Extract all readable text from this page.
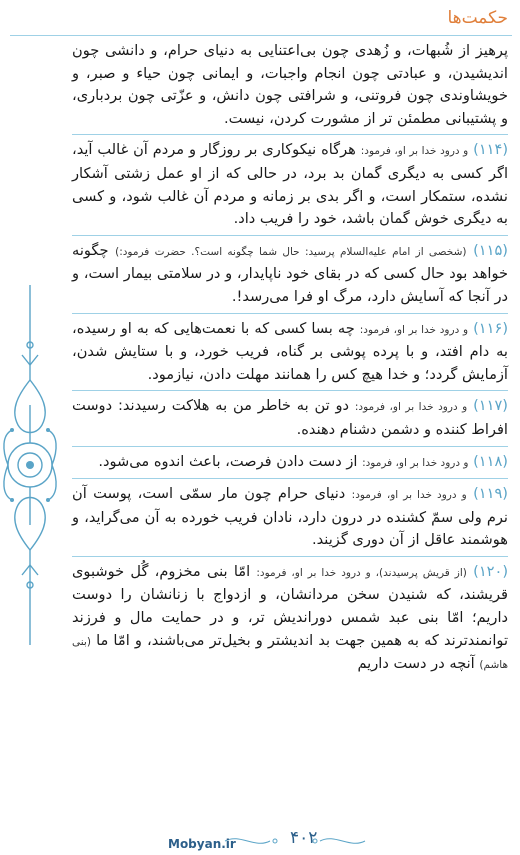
حکمت‌ها

پرهیز از شُبهات، و زُهدی چون بی‌اعتنایی به دنیای حرام، و دانشی چون اندیشیدن، و عبادتی چون انجام واجبات، و ایمانی چون حیاء و صبر، و خویشاوندی چون فروتنی، و شرافتی چون دانش، و عزّتی چون بردباری، و پشتیبانی مطمئن تر از مشورت کردن، نیست.

(۱۱۴) و درود خدا بر او، فرمود: هرگاه نیکوکاری بر روزگار و مردم آن غالب آید، اگر کسی به دیگری گمان بد برد، در حالی که از او عمل زشتی آشکار نشده، ستمکار است، و اگر بدی بر زمانه و مردم آن غالب شود، و کسی به دیگری خوش گمان باشد، خود را فریب داد.

(۱۱۵) (شخصی از امام علیه‌السلام پرسید: حال شما چگونه است؟. حضرت فرمود:) چگونه خواهد بود حال کسی که در بقای خود ناپایدار، و در سلامتی بیمار است، و در آنجا که آسایش دارد، مرگ او فرا می‌رسد!.

(۱۱۶) و درود خدا بر او، فرمود: چه بسا کسی که با نعمت‌هایی که به او رسیده، به دام افتد، و با پرده پوشی بر گناه، فریب خورد، و با ستایش شدن، آزمایش گردد؛ و خدا هیچ کس را همانند مهلت دادن، نیازمود.

(۱۱۷) و درود خدا بر او، فرمود: دو تن به خاطر من به هلاکت رسیدند: دوست افراط کننده و دشمن دشنام دهنده.

(۱۱۸) و درود خدا بر او، فرمود: از دست دادن فرصت، باعث اندوه می‌شود.

(۱۱۹) و درود خدا بر او، فرمود: دنیای حرام چون مار سمّی است، پوست آن نرم ولی سمّ کشنده در درون دارد، نادان فریب خورده به آن می‌گراید، و هوشمند عاقل از آن دوری گزیند.

(۱۲۰) (از قریش پرسیدند)، و درود خدا بر او، فرمود: امّا بنی مخزوم، گُل خوشبوی قریشند، که شنیدن سخن مردانشان، و ازدواج با زنانشان را دوست داریم؛ امّا بنی عبد شمس دوراندیش تر، و در حمایت مال و فرزند توانمندترند که به همین جهت بد اندیشتر و بخیل‌تر می‌باشند، و امّا ما (بنی هاشم) آنچه در دست داریم

۴۰۲
Mobyan.ir
